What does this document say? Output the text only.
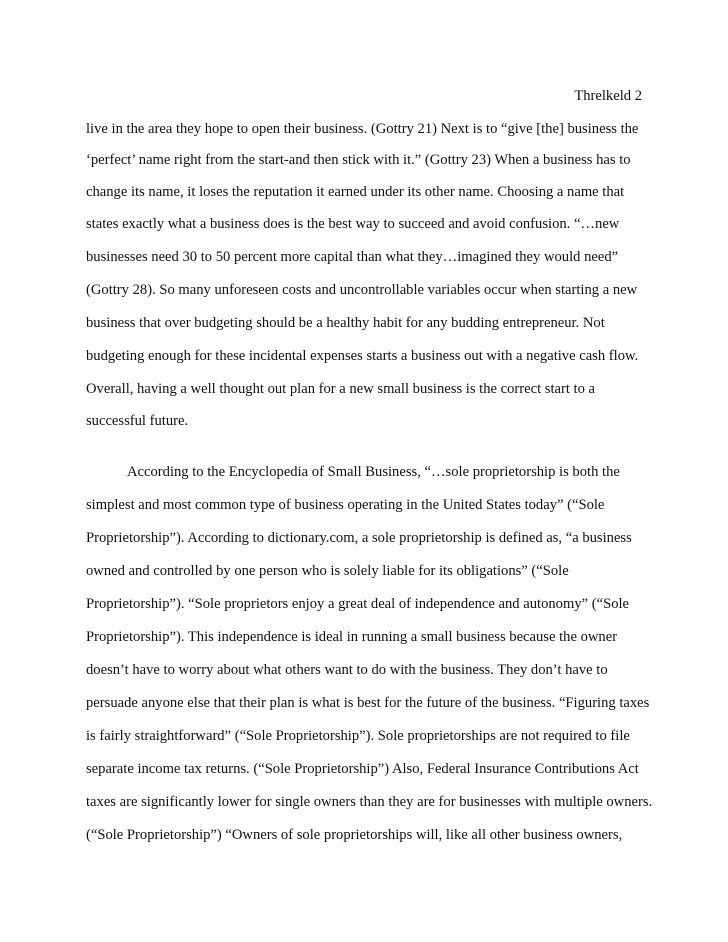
Threlkeld 2
live in the area they hope to open their business. (Gottry 21) Next is to “give [the] business the
‘perfect’ name right from the start-and then stick with it.” (Gottry 23) When a business has to
change its name, it loses the reputation it earned under its other name. Choosing a name that
states exactly what a business does is the best way to succeed and avoid confusion. “…new
businesses need 30 to 50 percent more capital than what they…imagined they would need”
(Gottry 28). So many unforeseen costs and uncontrollable variables occur when starting a new
business that over budgeting should be a healthy habit for any budding entrepreneur. Not
budgeting enough for these incidental expenses starts a business out with a negative cash flow.
Overall, having a well thought out plan for a new small business is the correct start to a
successful future.
According to the Encyclopedia of Small Business, “…sole proprietorship is both the
simplest and most common type of business operating in the United States today” (“Sole
Proprietorship”). According to dictionary.com, a sole proprietorship is defined as, “a business
owned and controlled by one person who is solely liable for its obligations” (“Sole
Proprietorship”). “Sole proprietors enjoy a great deal of independence and autonomy” (“Sole
Proprietorship”). This independence is ideal in running a small business because the owner
doesn’t have to worry about what others want to do with the business. They don’t have to
persuade anyone else that their plan is what is best for the future of the business. “Figuring taxes
is fairly straightforward” (“Sole Proprietorship”). Sole proprietorships are not required to file
separate income tax returns. (“Sole Proprietorship”) Also, Federal Insurance Contributions Act
taxes are significantly lower for single owners than they are for businesses with multiple owners.
(“Sole Proprietorship”) “Owners of sole proprietorships will, like all other business owners,
